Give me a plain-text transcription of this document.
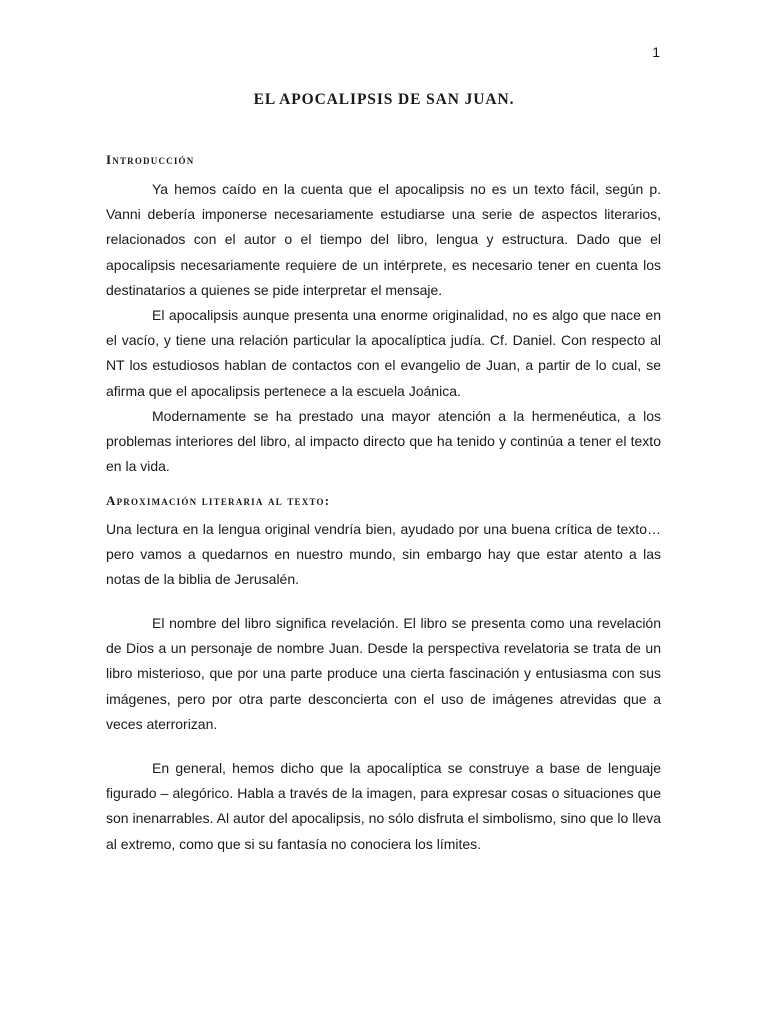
1
EL APOCALIPSIS DE SAN JUAN.
Introducción

Ya hemos caído en la cuenta que el apocalipsis no es un texto fácil, según p. Vanni debería imponerse necesariamente estudiarse una serie de aspectos literarios, relacionados con el autor o el tiempo del libro, lengua y estructura. Dado que el apocalipsis necesariamente requiere de un intérprete, es necesario tener en cuenta los destinatarios a quienes se pide interpretar el mensaje.

El apocalipsis aunque presenta una enorme originalidad, no es algo que nace en el vacío, y tiene una relación particular la apocalíptica judía. Cf. Daniel. Con respecto al NT los estudiosos hablan de contactos con el evangelio de Juan, a partir de lo cual, se afirma que el apocalipsis pertenece a la escuela Joánica.

Modernamente se ha prestado una mayor atención a la hermenéutica, a los problemas interiores del libro, al impacto directo que ha tenido y continúa a tener el texto en la vida.

Aproximación literaria al texto:

Una lectura en la lengua original vendría bien, ayudado por una buena crítica de texto… pero vamos a quedarnos en nuestro mundo, sin embargo hay que estar atento a las notas de la biblia de Jerusalén.

El nombre del libro significa revelación. El libro se presenta como una revelación de Dios a un personaje de nombre Juan. Desde la perspectiva revelatoria se trata de un libro misterioso, que por una parte produce una cierta fascinación y entusiasma con sus imágenes, pero por otra parte desconcierta con el uso de imágenes atrevidas que a veces aterrorizan.

En general, hemos dicho que la apocalíptica se construye a base de lenguaje figurado – alegórico. Habla a través de la imagen, para expresar cosas o situaciones que son inenarrables. Al autor del apocalipsis, no sólo disfruta el simbolismo, sino que lo lleva al extremo, como que si su fantasía no conociera los límites.
